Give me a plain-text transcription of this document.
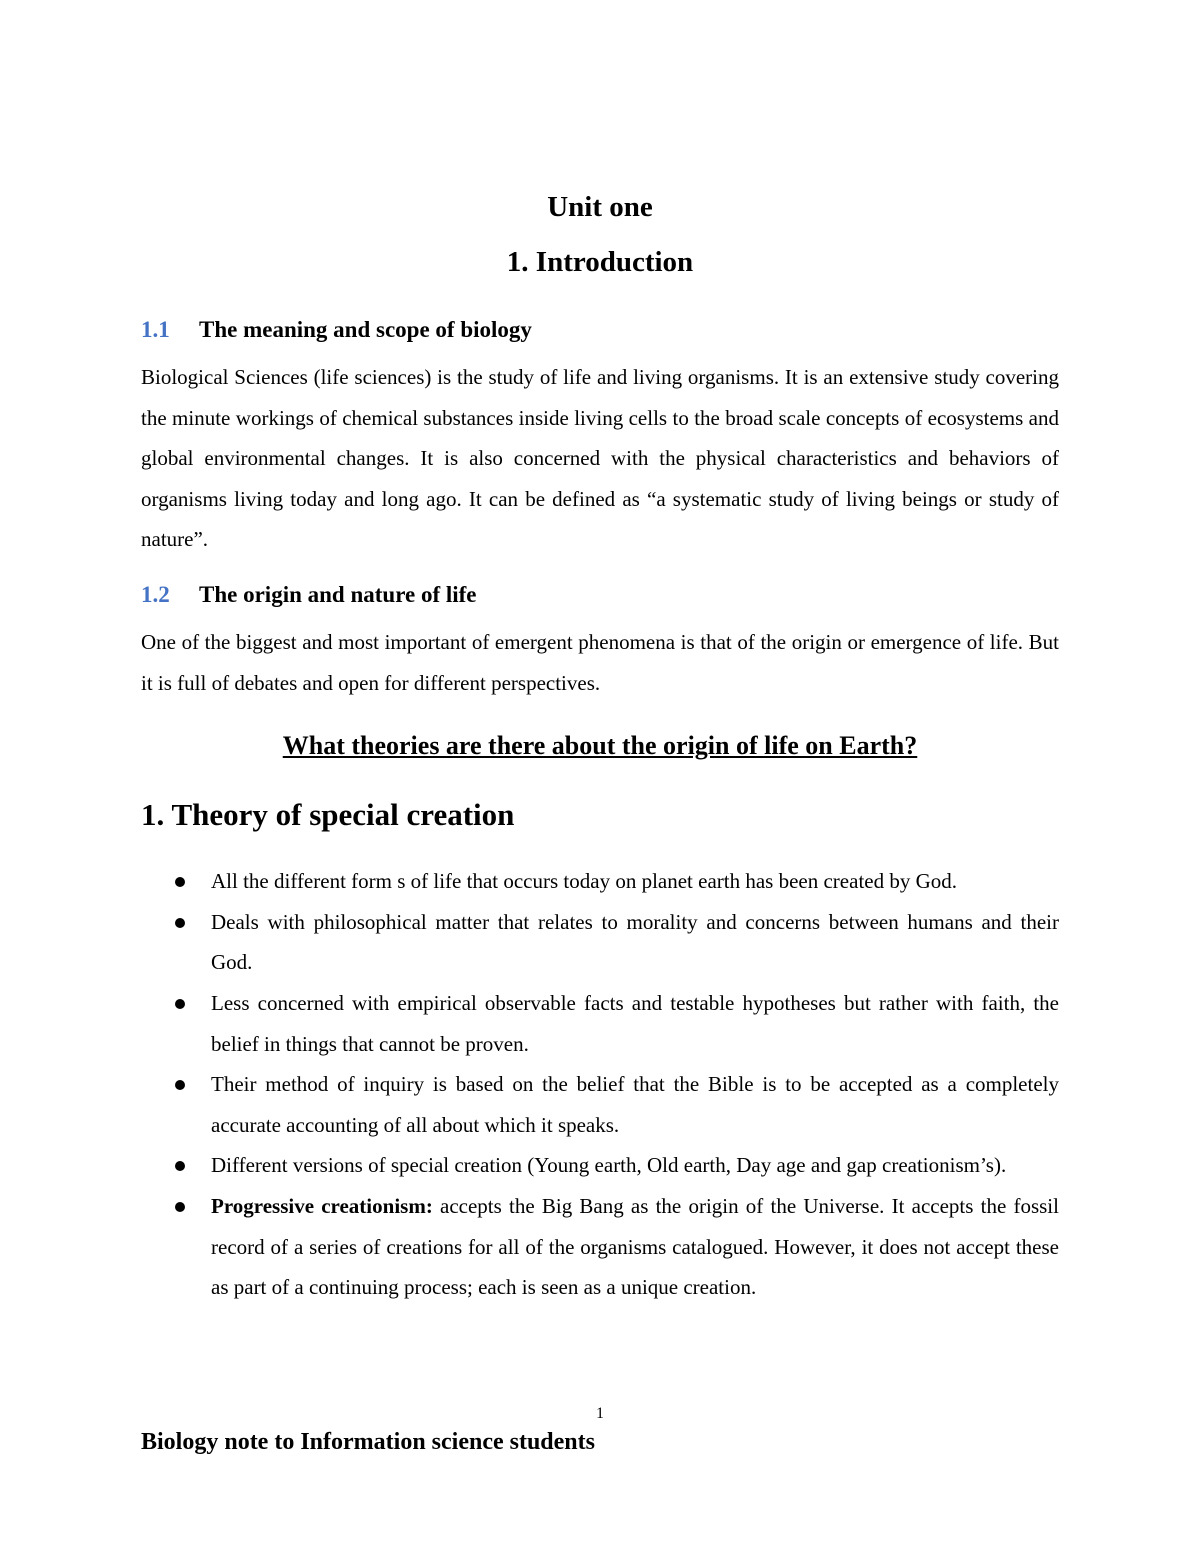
Unit one
1. Introduction
1.1	The meaning and scope of biology

Biological Sciences (life sciences) is the study of life and living organisms. It is an extensive study covering the minute workings of chemical substances inside living cells to the broad scale concepts of ecosystems and global environmental changes. It is also concerned with the physical characteristics and behaviors of organisms living today and long ago. It can be defined as “a systematic study of living beings or study of nature”.

1.2	The origin and nature of life

One of the biggest and most important of emergent phenomena is that of the origin or emergence of life. But it is full of debates and open for different perspectives.

What theories are there about the origin of life on Earth?

1. Theory of special creation
All the different form s of life that occurs today on planet earth has been created by God.
Deals with philosophical matter that relates to morality and concerns between humans and their God.
Less concerned with empirical observable facts and testable hypotheses but rather with faith, the belief in things that cannot be proven.
Their method of inquiry is based on the belief that the Bible is to be accepted as a completely accurate accounting of all about which it speaks.
Different versions of special creation (Young earth, Old earth, Day age and gap creationism’s).
Progressive creationism: accepts the Big Bang as the origin of the Universe. It accepts the fossil record of a series of creations for all of the organisms catalogued. However, it does not accept these as part of a continuing process; each is seen as a unique creation.
1
Biology note to Information science students
